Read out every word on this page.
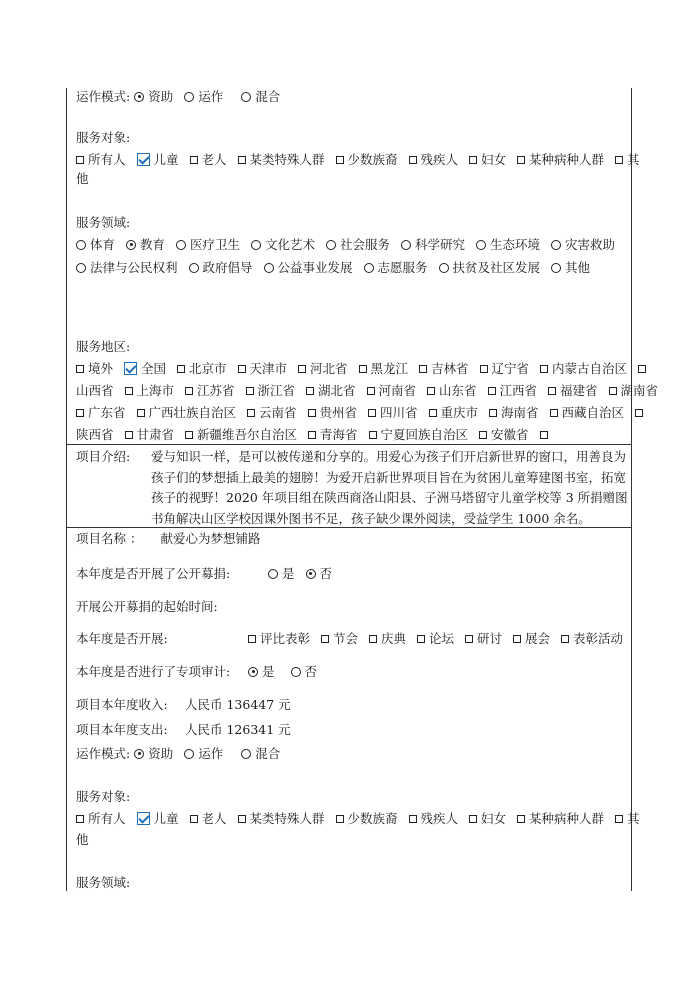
运作模式: 资助 运作	混合
服务对象:
所有人 儿童 老人 某类特殊人群 少数族裔 残疾人 妇女 某种病种人群 其
他
服务领域:
体育 教育 医疗卫生 文化艺术 社会服务 科学研究 生态环境 灾害救助
法律与公民权利 政府倡导 公益事业发展 志愿服务 扶贫及社区发展 其他
服务地区:
境外 全国 北京市 天津市 河北省 黑龙江 吉林省 辽宁省 内蒙古自治区
山西省 上海市 江苏省 浙江省 湖北省 河南省 山东省 江西省 福建省 湖南省
广东省 广西壮族自治区 云南省 贵州省 四川省 重庆市 海南省 西藏自治区
陕西省 甘肃省 新疆维吾尔自治区 青海省 宁夏回族自治区 安徽省
项目介绍: 爱与知识一样，是可以被传递和分享的。用爱心为孩子们开启新世界的窗口，用善良为孩子们的梦想插上最美的翅膀！为爱开启新世界项目旨在为贫困儿童筹建图书室，拓宽孩子的视野！2020 年项目组在陕西商洛山阳县、子洲马塔留守儿童学校等 3 所捐赠图书角解决山区学校因课外图书不足，孩子缺少课外阅读，受益学生 1000 余名。
项目名称 ： 献爱心为梦想铺路
本年度是否开展了公开募捐:	是 否
开展公开募捐的起始时间:
本年度是否开展:	评比表彰 节会 庆典 论坛 研讨 展会 表彰活动
本年度是否进行了专项审计:	是 否
项目本年度收入: 人民币 136447 元
项目本年度支出: 人民币 126341 元
运作模式: 资助 运作	混合
服务对象:
所有人 儿童 老人 某类特殊人群 少数族裔 残疾人 妇女 某种病种人群 其
他
服务领域:
